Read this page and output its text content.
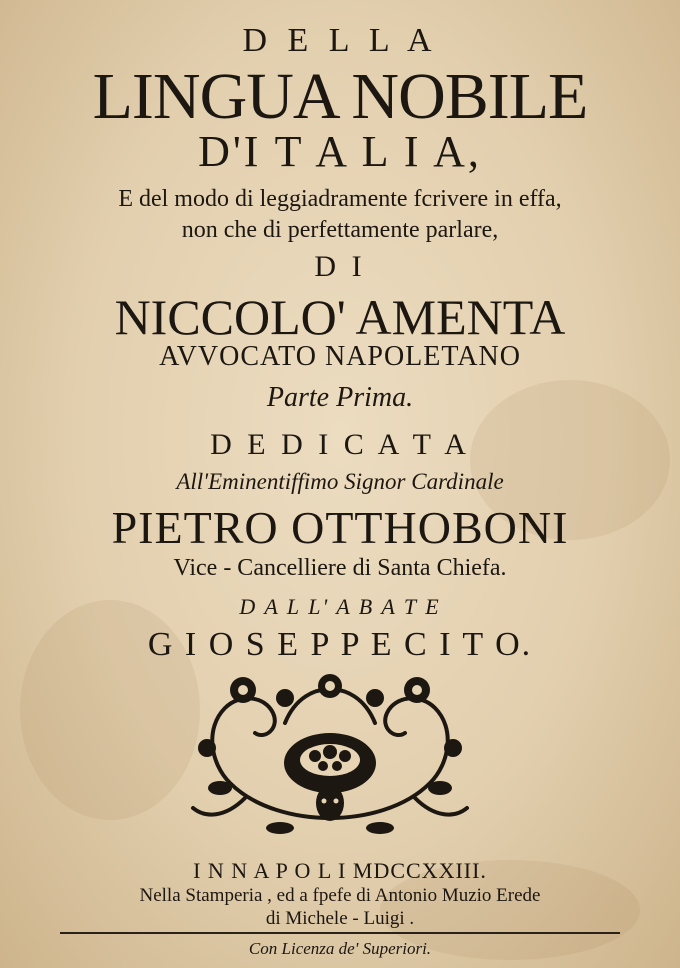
D E L L A
LINGUA NOBILE
D'I T A L I A,
E del modo di leggiadramente fcrivere in effa,
non che di perfettamente parlare,
D I
NICCOLO' AMENTA
AVVOCATO NAPOLETANO
Parte Prima.
D E D I C A T A
All'Eminentiffimo Signor Cardinale
PIETRO OTTHOBONI
Vice - Cancelliere di Santa Chiefa.
D A L L' A B A T E
G I O S E P P E C I T O.
I N N A P O L I MDCCXXIII.
Nella Stamperia , ed a fpefe di Antonio Muzio Erede
di Michele - Luigi .
Con Licenza de' Superiori.
